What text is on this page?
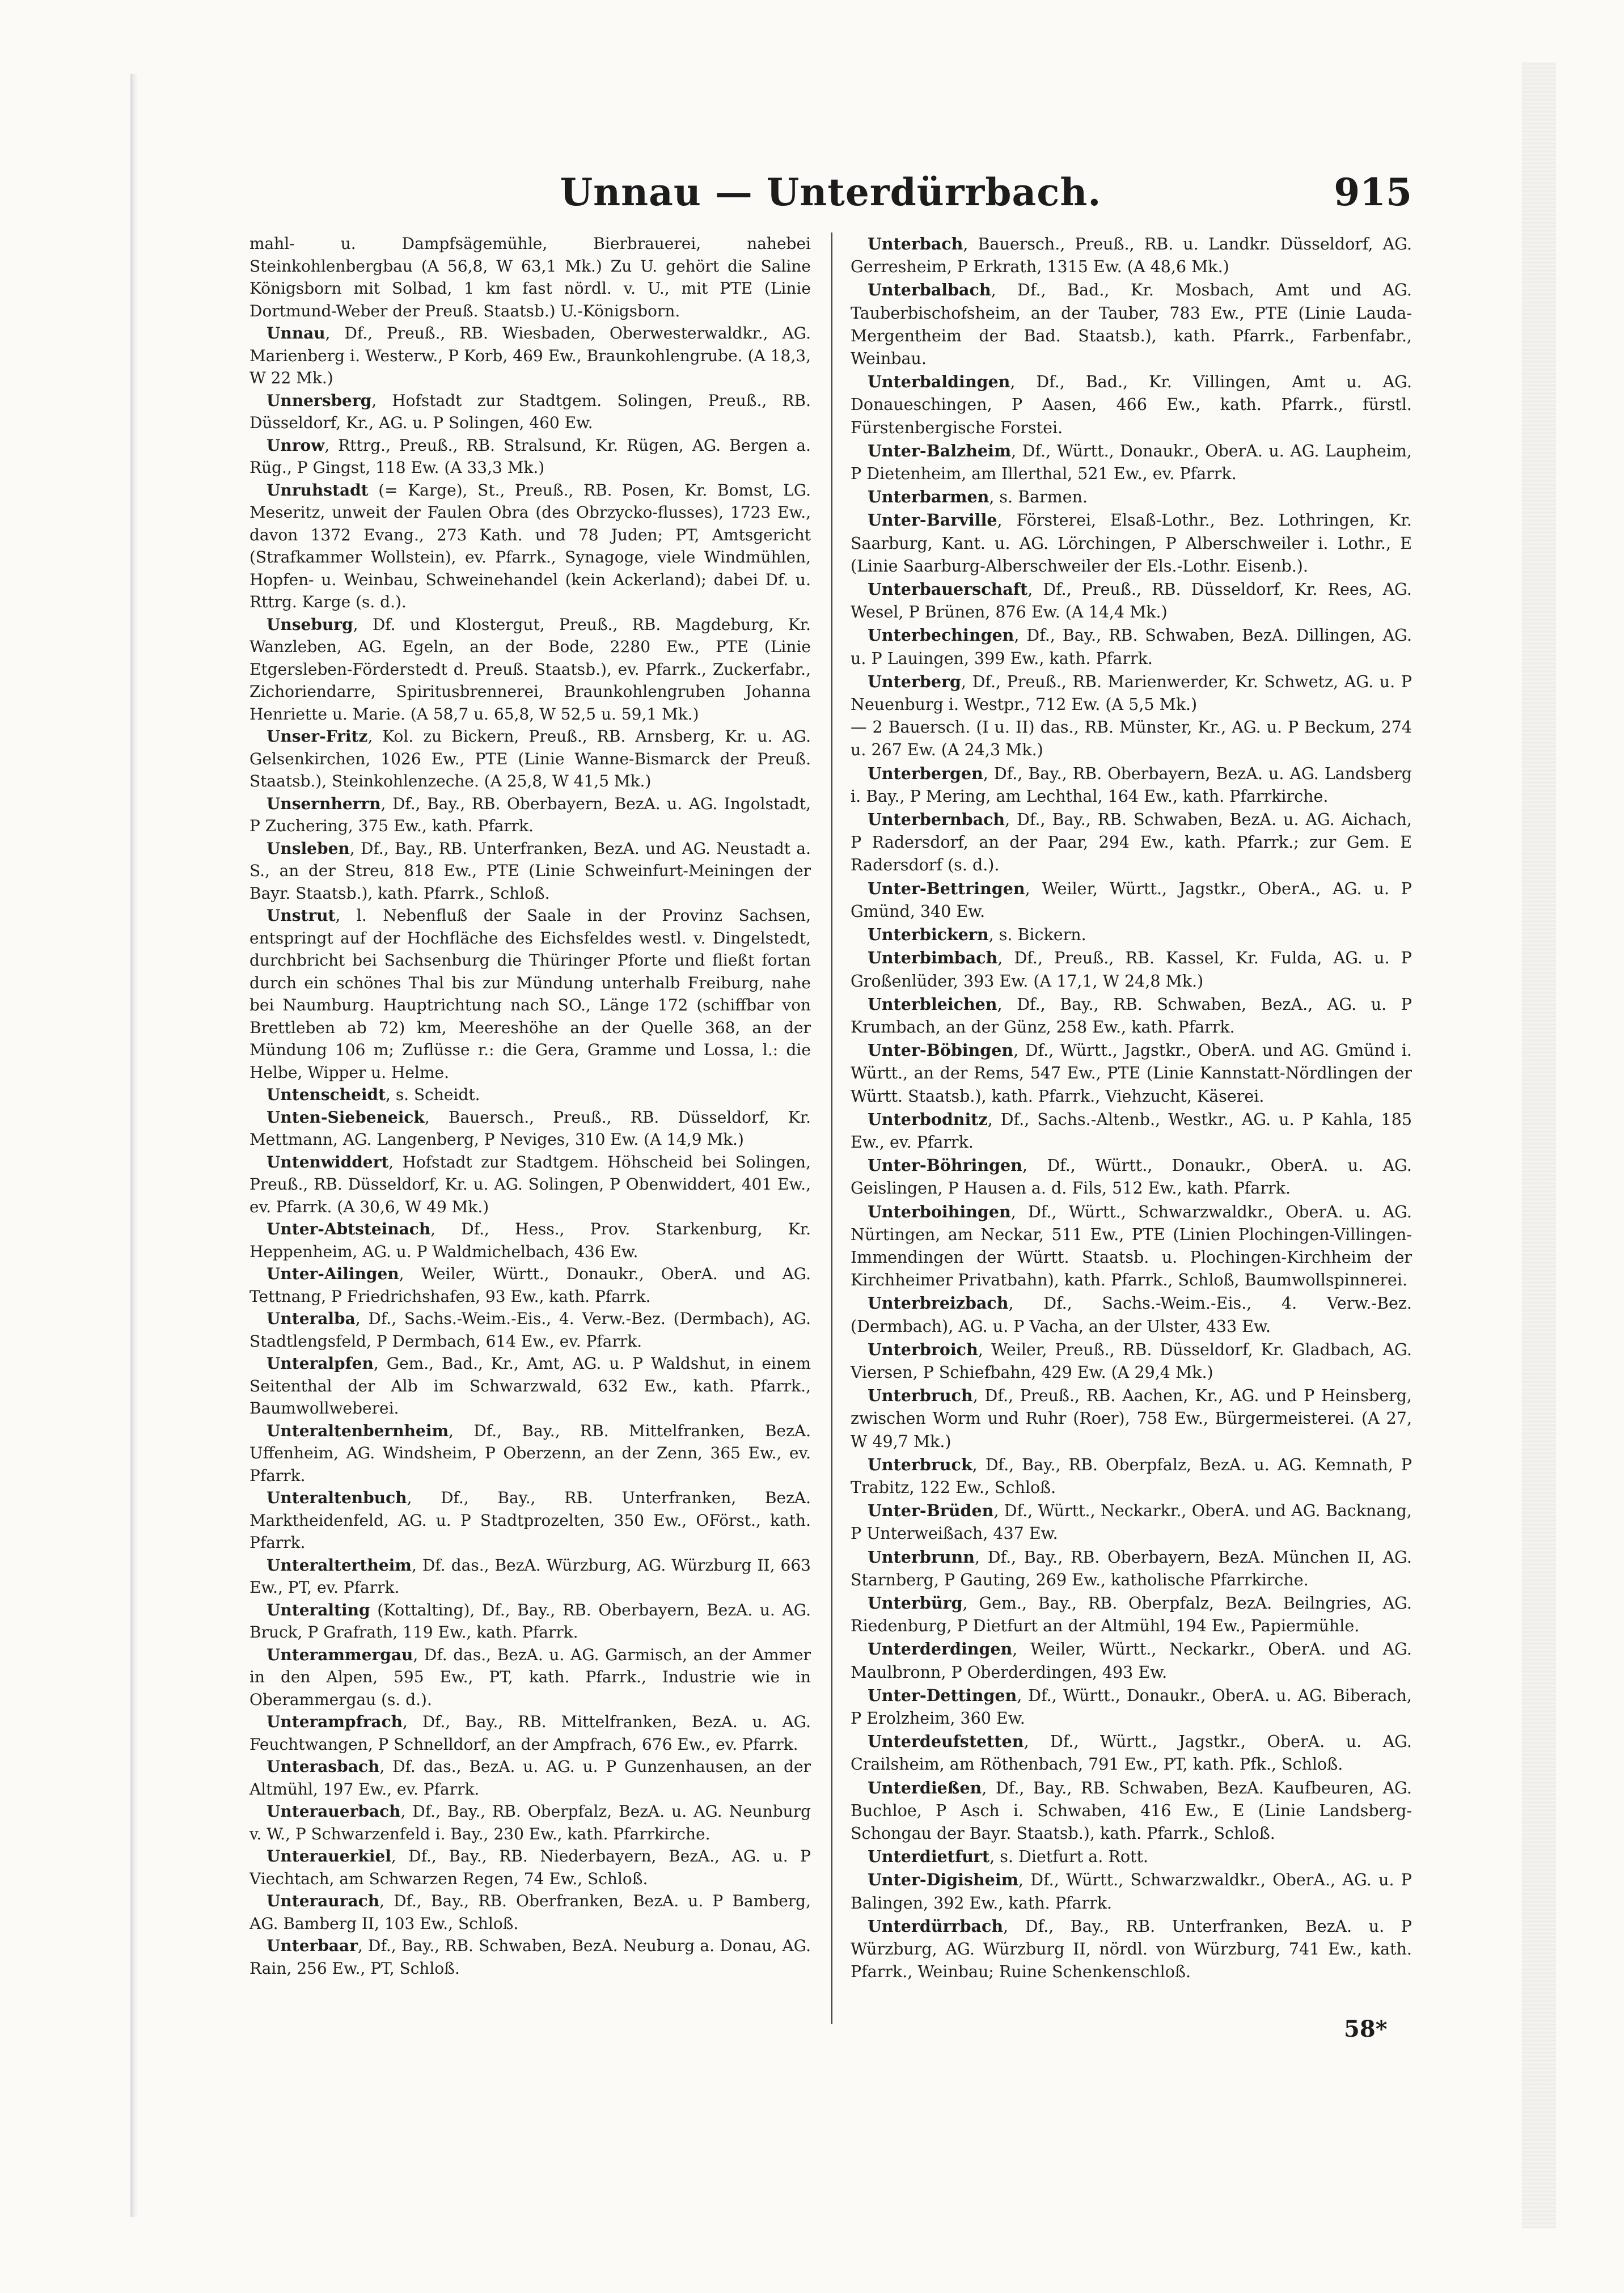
Unnau — Unterdürrbach.	915

mahl- u. Dampfsägemühle, Bierbrauerei, nahebei Steinkohlenbergbau (A 56,8, W 63,1 Mk.) Zu U. gehört die Saline Königsborn mit Solbad, 1 km fast nördl. v. U., mit PTE (Linie Dortmund-Weber der Preuß. Staatsb.) U.-Königsborn.

Unnau, Df., Preuß., RB. Wiesbaden, Oberwesterwaldkr., AG. Marienberg i. Westerw., P Korb, 469 Ew., Braunkohlengrube. (A 18,3, W 22 Mk.)

Unnersberg, Hofstadt zur Stadtgem. Solingen, Preuß., RB. Düsseldorf, Kr., AG. u. P Solingen, 460 Ew.

Unrow, Rttrg., Preuß., RB. Stralsund, Kr. Rügen, AG. Bergen a. Rüg., P Gingst, 118 Ew. (A 33,3 Mk.)

Unruhstadt (= Karge), St., Preuß., RB. Posen, Kr. Bomst, LG. Meseritz, unweit der Faulen Obra (des Obrzycko-flusses), 1723 Ew., davon 1372 Evang., 273 Kath. und 78 Juden; PT, Amtsgericht (Strafkammer Wollstein), ev. Pfarrk., Synagoge, viele Windmühlen, Hopfen- u. Weinbau, Schweinehandel (kein Ackerland); dabei Df. u. Rttrg. Karge (s. d.).

Unseburg, Df. und Klostergut, Preuß., RB. Magdeburg, Kr. Wanzleben, AG. Egeln, an der Bode, 2280 Ew., PTE (Linie Etgersleben-Förderstedt d. Preuß. Staatsb.), ev. Pfarrk., Zuckerfabr., Zichoriendarre, Spiritusbrennerei, Braunkohlengruben Johanna Henriette u. Marie. (A 58,7 u. 65,8, W 52,5 u. 59,1 Mk.)

Unser-Fritz, Kol. zu Bickern, Preuß., RB. Arnsberg, Kr. u. AG. Gelsenkirchen, 1026 Ew., PTE (Linie Wanne-Bismarck der Preuß. Staatsb.), Steinkohlenzeche. (A 25,8, W 41,5 Mk.)

Unsernherrn, Df., Bay., RB. Oberbayern, BezA. u. AG. Ingolstadt, P Zuchering, 375 Ew., kath. Pfarrk.

Unsleben, Df., Bay., RB. Unterfranken, BezA. und AG. Neustadt a. S., an der Streu, 818 Ew., PTE (Linie Schweinfurt-Meiningen der Bayr. Staatsb.), kath. Pfarrk., Schloß.

Unstrut, l. Nebenfluß der Saale in der Provinz Sachsen, entspringt auf der Hochfläche des Eichsfeldes westl. v. Dingelstedt, durchbricht bei Sachsenburg die Thüringer Pforte und fließt fortan durch ein schönes Thal bis zur Mündung unterhalb Freiburg, nahe bei Naumburg. Hauptrichtung nach SO., Länge 172 (schiffbar von Brettleben ab 72) km, Meereshöhe an der Quelle 368, an der Mündung 106 m; Zuflüsse r.: die Gera, Gramme und Lossa, l.: die Helbe, Wipper u. Helme.

Untenscheidt, s. Scheidt.

Unten-Siebeneick, Bauersch., Preuß., RB. Düsseldorf, Kr. Mettmann, AG. Langenberg, P Neviges, 310 Ew. (A 14,9 Mk.)

Untenwiddert, Hofstadt zur Stadtgem. Höhscheid bei Solingen, Preuß., RB. Düsseldorf, Kr. u. AG. Solingen, P Obenwiddert, 401 Ew., ev. Pfarrk. (A 30,6, W 49 Mk.)

Unter-Abtsteinach, Df., Hess., Prov. Starkenburg, Kr. Heppenheim, AG. u. P Waldmichelbach, 436 Ew.

Unter-Ailingen, Weiler, Württ., Donaukr., OberA. und AG. Tettnang, P Friedrichshafen, 93 Ew., kath. Pfarrk.

Unteralba, Df., Sachs.-Weim.-Eis., 4. Verw.-Bez. (Dermbach), AG. Stadtlengsfeld, P Dermbach, 614 Ew., ev. Pfarrk.

Unteralpfen, Gem., Bad., Kr., Amt, AG. u. P Waldshut, in einem Seitenthal der Alb im Schwarzwald, 632 Ew., kath. Pfarrk., Baumwollweberei.

Unteraltenbernheim, Df., Bay., RB. Mittelfranken, BezA. Uffenheim, AG. Windsheim, P Oberzenn, an der Zenn, 365 Ew., ev. Pfarrk.

Unteraltenbuch, Df., Bay., RB. Unterfranken, BezA. Marktheidenfeld, AG. u. P Stadtprozelten, 350 Ew., OFörst., kath. Pfarrk.

Unteraltertheim, Df. das., BezA. Würzburg, AG. Würzburg II, 663 Ew., PT, ev. Pfarrk.

Unteralting (Kottalting), Df., Bay., RB. Oberbayern, BezA. u. AG. Bruck, P Grafrath, 119 Ew., kath. Pfarrk.

Unterammergau, Df. das., BezA. u. AG. Garmisch, an der Ammer in den Alpen, 595 Ew., PT, kath. Pfarrk., Industrie wie in Oberammergau (s. d.).

Unterampfrach, Df., Bay., RB. Mittelfranken, BezA. u. AG. Feuchtwangen, P Schnelldorf, an der Ampfrach, 676 Ew., ev. Pfarrk.

Unterasbach, Df. das., BezA. u. AG. u. P Gunzenhausen, an der Altmühl, 197 Ew., ev. Pfarrk.

Unterauerbach, Df., Bay., RB. Oberpfalz, BezA. u. AG. Neunburg v. W., P Schwarzenfeld i. Bay., 230 Ew., kath. Pfarrkirche.

Unterauerkiel, Df., Bay., RB. Niederbayern, BezA., AG. u. P Viechtach, am Schwarzen Regen, 74 Ew., Schloß.

Unteraurach, Df., Bay., RB. Oberfranken, BezA. u. P Bamberg, AG. Bamberg II, 103 Ew., Schloß.

Unterbaar, Df., Bay., RB. Schwaben, BezA. Neuburg a. Donau, AG. Rain, 256 Ew., PT, Schloß.

Unterbach, Bauersch., Preuß., RB. u. Landkr. Düsseldorf, AG. Gerresheim, P Erkrath, 1315 Ew. (A 48,6 Mk.)

Unterbalbach, Df., Bad., Kr. Mosbach, Amt und AG. Tauberbischofsheim, an der Tauber, 783 Ew., PTE (Linie Lauda-Mergentheim der Bad. Staatsb.), kath. Pfarrk., Farbenfabr., Weinbau.

Unterbaldingen, Df., Bad., Kr. Villingen, Amt u. AG. Donaueschingen, P Aasen, 466 Ew., kath. Pfarrk., fürstl. Fürstenbergische Forstei.

Unter-Balzheim, Df., Württ., Donaukr., OberA. u. AG. Laupheim, P Dietenheim, am Illerthal, 521 Ew., ev. Pfarrk.

Unterbarmen, s. Barmen.

Unter-Barville, Försterei, Elsaß-Lothr., Bez. Lothringen, Kr. Saarburg, Kant. u. AG. Lörchingen, P Alberschweiler i. Lothr., E (Linie Saarburg-Alberschweiler der Els.-Lothr. Eisenb.).

Unterbauerschaft, Df., Preuß., RB. Düsseldorf, Kr. Rees, AG. Wesel, P Brünen, 876 Ew. (A 14,4 Mk.)

Unterbechingen, Df., Bay., RB. Schwaben, BezA. Dillingen, AG. u. P Lauingen, 399 Ew., kath. Pfarrk.

Unterberg, Df., Preuß., RB. Marienwerder, Kr. Schwetz, AG. u. P Neuenburg i. Westpr., 712 Ew. (A 5,5 Mk.)

— 2 Bauersch. (I u. II) das., RB. Münster, Kr., AG. u. P Beckum, 274 u. 267 Ew. (A 24,3 Mk.)

Unterbergen, Df., Bay., RB. Oberbayern, BezA. u. AG. Landsberg i. Bay., P Mering, am Lechthal, 164 Ew., kath. Pfarrkirche.

Unterbernbach, Df., Bay., RB. Schwaben, BezA. u. AG. Aichach, P Radersdorf, an der Paar, 294 Ew., kath. Pfarrk.; zur Gem. E Radersdorf (s. d.).

Unter-Bettringen, Weiler, Württ., Jagstkr., OberA., AG. u. P Gmünd, 340 Ew.

Unterbickern, s. Bickern.

Unterbimbach, Df., Preuß., RB. Kassel, Kr. Fulda, AG. u. P Großenlüder, 393 Ew. (A 17,1, W 24,8 Mk.)

Unterbleichen, Df., Bay., RB. Schwaben, BezA., AG. u. P Krumbach, an der Günz, 258 Ew., kath. Pfarrk.

Unter-Böbingen, Df., Württ., Jagstkr., OberA. und AG. Gmünd i. Württ., an der Rems, 547 Ew., PTE (Linie Kannstatt-Nördlingen der Württ. Staatsb.), kath. Pfarrk., Viehzucht, Käserei.

Unterbodnitz, Df., Sachs.-Altenb., Westkr., AG. u. P Kahla, 185 Ew., ev. Pfarrk.

Unter-Böhringen, Df., Württ., Donaukr., OberA. u. AG. Geislingen, P Hausen a. d. Fils, 512 Ew., kath. Pfarrk.

Unterboihingen, Df., Württ., Schwarzwaldkr., OberA. u. AG. Nürtingen, am Neckar, 511 Ew., PTE (Linien Plochingen-Villingen-Immendingen der Württ. Staatsb. u. Plochingen-Kirchheim der Kirchheimer Privatbahn), kath. Pfarrk., Schloß, Baumwollspinnerei.

Unterbreizbach, Df., Sachs.-Weim.-Eis., 4. Verw.-Bez. (Dermbach), AG. u. P Vacha, an der Ulster, 433 Ew.

Unterbroich, Weiler, Preuß., RB. Düsseldorf, Kr. Gladbach, AG. Viersen, P Schiefbahn, 429 Ew. (A 29,4 Mk.)

Unterbruch, Df., Preuß., RB. Aachen, Kr., AG. und P Heinsberg, zwischen Worm und Ruhr (Roer), 758 Ew., Bürgermeisterei. (A 27, W 49,7 Mk.)

Unterbruck, Df., Bay., RB. Oberpfalz, BezA. u. AG. Kemnath, P Trabitz, 122 Ew., Schloß.

Unter-Brüden, Df., Württ., Neckarkr., OberA. und AG. Backnang, P Unterweißach, 437 Ew.

Unterbrunn, Df., Bay., RB. Oberbayern, BezA. München II, AG. Starnberg, P Gauting, 269 Ew., katholische Pfarrkirche.

Unterbürg, Gem., Bay., RB. Oberpfalz, BezA. Beilngries, AG. Riedenburg, P Dietfurt an der Altmühl, 194 Ew., Papiermühle.

Unterderdingen, Weiler, Württ., Neckarkr., OberA. und AG. Maulbronn, P Oberderdingen, 493 Ew.

Unter-Dettingen, Df., Württ., Donaukr., OberA. u. AG. Biberach, P Erolzheim, 360 Ew.

Unterdeufstetten, Df., Württ., Jagstkr., OberA. u. AG. Crailsheim, am Röthenbach, 791 Ew., PT, kath. Pfk., Schloß.

Unterdießen, Df., Bay., RB. Schwaben, BezA. Kaufbeuren, AG. Buchloe, P Asch i. Schwaben, 416 Ew., E (Linie Landsberg-Schongau der Bayr. Staatsb.), kath. Pfarrk., Schloß.

Unterdietfurt, s. Dietfurt a. Rott.

Unter-Digisheim, Df., Württ., Schwarzwaldkr., OberA., AG. u. P Balingen, 392 Ew., kath. Pfarrk.

Unterdürrbach, Df., Bay., RB. Unterfranken, BezA. u. P Würzburg, AG. Würzburg II, nördl. von Würzburg, 741 Ew., kath. Pfarrk., Weinbau; Ruine Schenkenschloß.

58*
